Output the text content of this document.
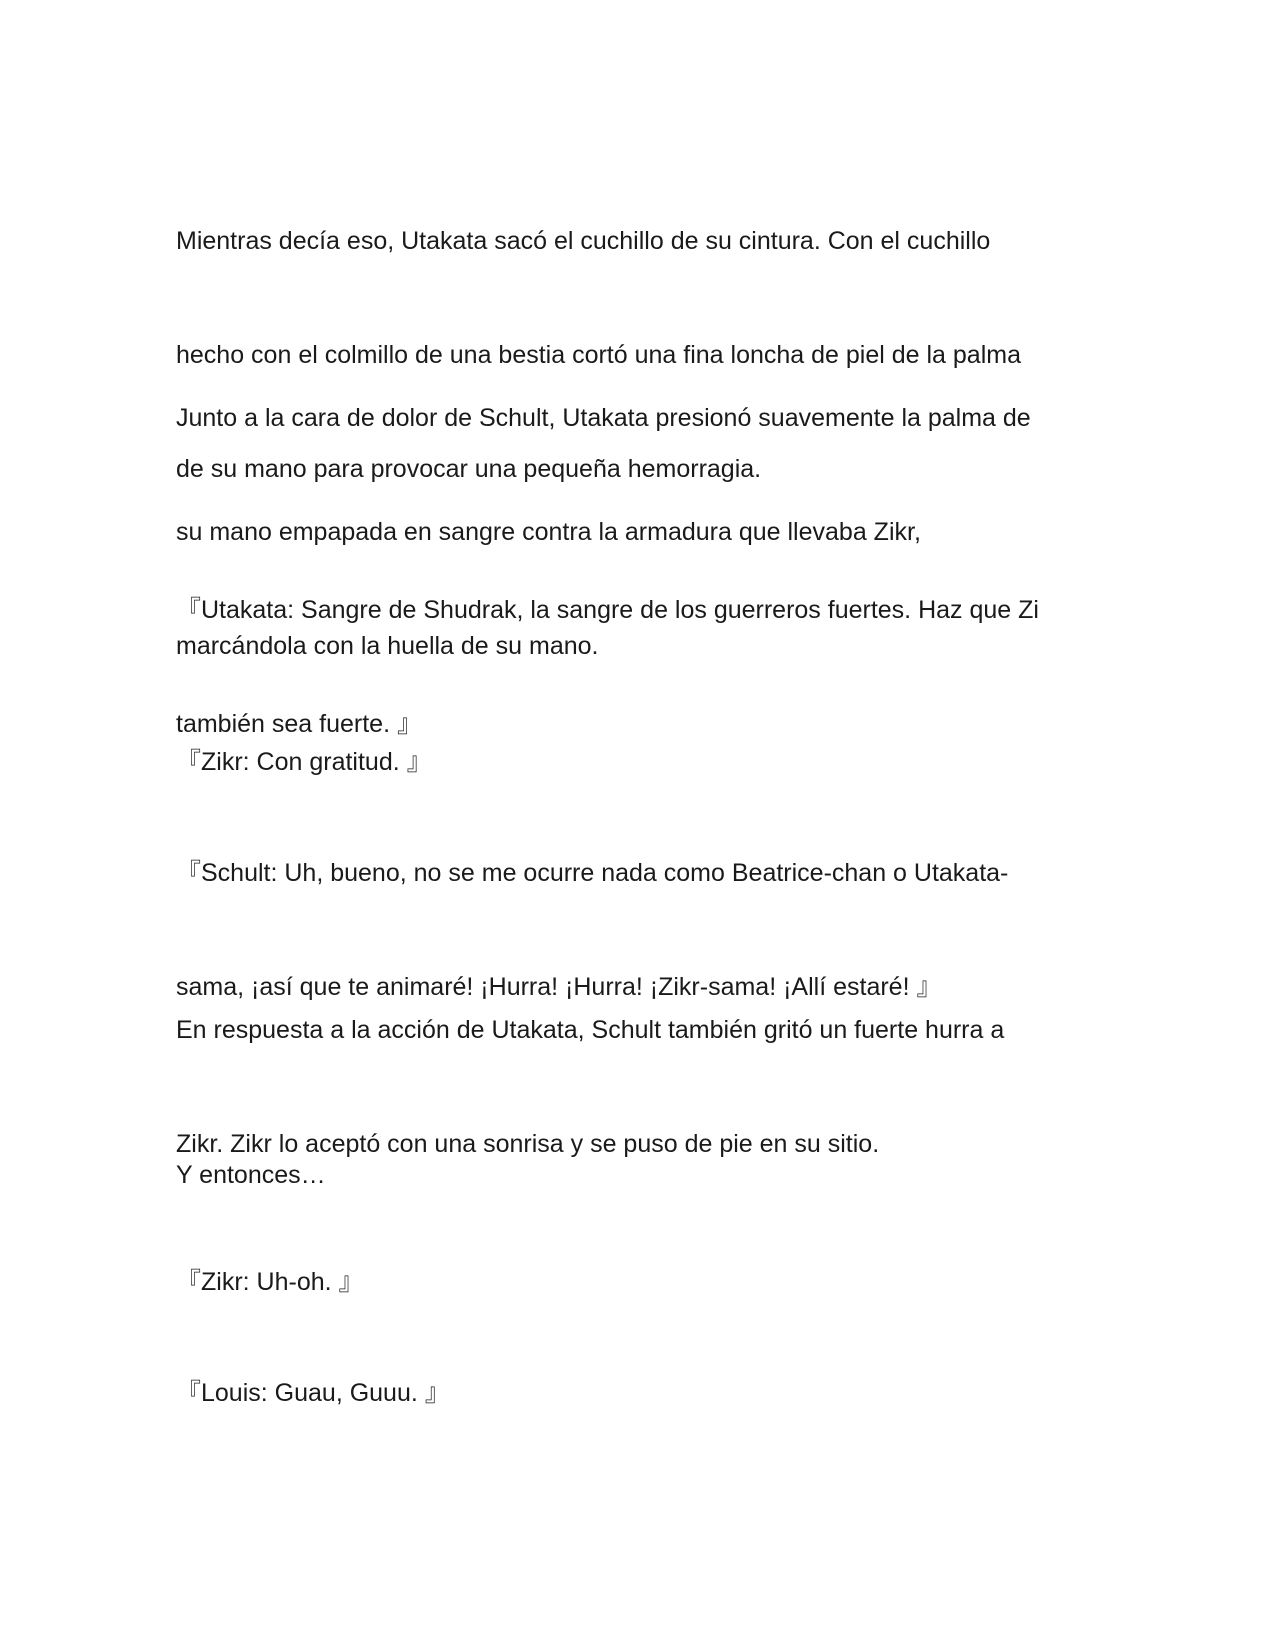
Mientras decía eso, Utakata sacó el cuchillo de su cintura. Con el cuchillo

hecho con el colmillo de una bestia cortó una fina loncha de piel de la palma

de su mano para provocar una pequeña hemorragia.

Junto a la cara de dolor de Schult, Utakata presionó suavemente la palma de

su mano empapada en sangre contra la armadura que llevaba Zikr,

marcándola con la huella de su mano.

『Utakata: Sangre de Shudrak, la sangre de los guerreros fuertes. Haz que Zi

también sea fuerte. 』

『Zikr: Con gratitud. 』

『Schult: Uh, bueno, no se me ocurre nada como Beatrice-chan o Utakata-

sama, ¡así que te animaré! ¡Hurra! ¡Hurra! ¡Zikr-sama! ¡Allí estaré! 』

En respuesta a la acción de Utakata, Schult también gritó un fuerte hurra a

Zikr. Zikr lo aceptó con una sonrisa y se puso de pie en su sitio.

Y entonces…

『Zikr: Uh-oh. 』

『Louis: Guau, Guuu. 』
